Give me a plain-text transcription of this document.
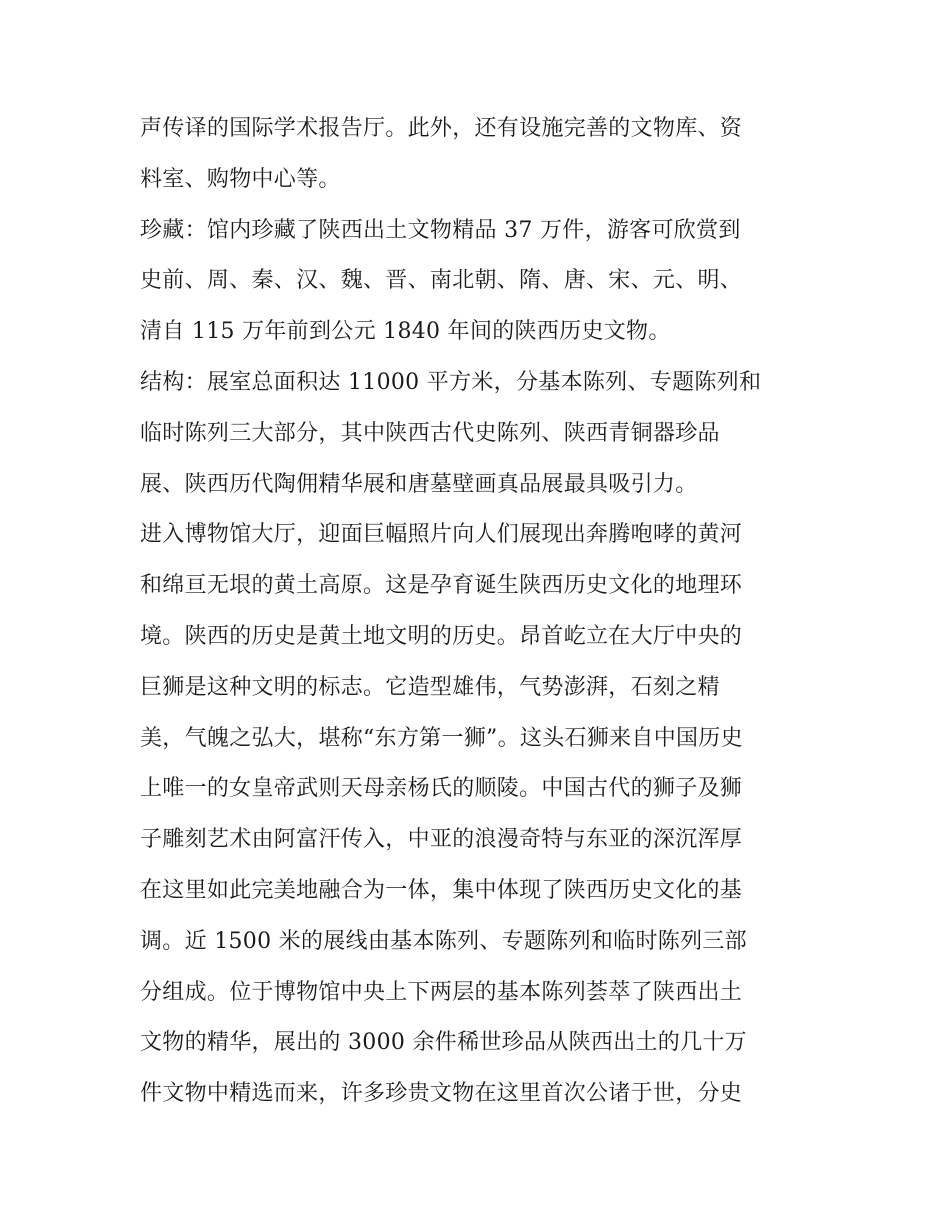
声传译的国际学术报告厅。此外，还有设施完善的文物库、资
料室、购物中心等。
珍藏：馆内珍藏了陕西出土文物精品 37 万件，游客可欣赏到
史前、周、秦、汉、魏、晋、南北朝、隋、唐、宋、元、明、
清自 115 万年前到公元 1840 年间的陕西历史文物。
结构：展室总面积达 11000 平方米，分基本陈列、专题陈列和
临时陈列三大部分，其中陕西古代史陈列、陕西青铜器珍品
展、陕西历代陶佣精华展和唐墓壁画真品展最具吸引力。
进入博物馆大厅，迎面巨幅照片向人们展现出奔腾咆哮的黄河
和绵亘无垠的黄土高原。这是孕育诞生陕西历史文化的地理环
境。陕西的历史是黄土地文明的历史。昂首屹立在大厅中央的
巨狮是这种文明的标志。它造型雄伟，气势澎湃，石刻之精
美，气魄之弘大，堪称“东方第一狮”。这头石狮来自中国历史
上唯一的女皇帝武则天母亲杨氏的顺陵。中国古代的狮子及狮
子雕刻艺术由阿富汗传入，中亚的浪漫奇特与东亚的深沉浑厚
在这里如此完美地融合为一体，集中体现了陕西历史文化的基
调。近 1500 米的展线由基本陈列、专题陈列和临时陈列三部
分组成。位于博物馆中央上下两层的基本陈列荟萃了陕西出土
文物的精华，展出的 3000 余件稀世珍品从陕西出土的几十万
件文物中精选而来，许多珍贵文物在这里首次公诸于世，分史
